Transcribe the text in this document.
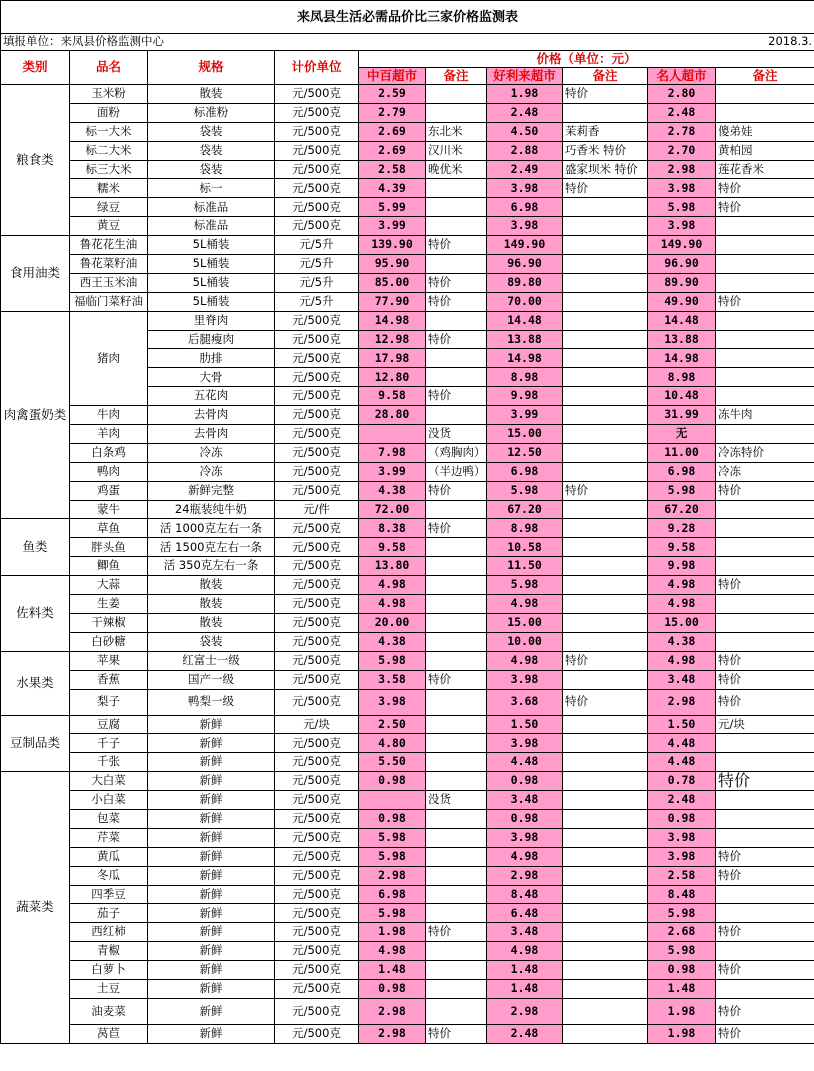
来凤县生活必需品价比三家价格监测表									
填报单位：来凤县价格监测中心					2018.3.				
类别	品名	规格	计价单位	价格（单位：元）					
				中百超市	备注	好利来超市	备注	名人超市	备注
粮食类	玉米粉	散装	元/500克	2.59		1.98	特价	2.80	
	面粉	标准粉	元/500克	2.79		2.48		2.48	
	标一大米	袋装	元/500克	2.69	东北米	4.50	茉莉香	2.78	傻弟娃
	标二大米	袋装	元/500克	2.69	汉川米	2.88	巧香米 特价	2.70	黄柏园
	标三大米	袋装	元/500克	2.58	晚优米	2.49	盛家坝米 特价	2.98	莲花香米
	糯米	标一	元/500克	4.39		3.98	特价	3.98	特价
	绿豆	标准品	元/500克	5.99		6.98		5.98	特价
	黄豆	标准品	元/500克	3.99		3.98		3.98	
食用油类	鲁花花生油	5L桶装	元/5升	139.90	特价	149.90		149.90	
	鲁花菜籽油	5L桶装	元/5升	95.90		96.90		96.90	
	西王玉米油	5L桶装	元/5升	85.00	特价	89.80		89.90	
	福临门菜籽油	5L桶装	元/5升	77.90	特价	70.00		49.90	特价
肉禽蛋奶类	猪肉	里脊肉	元/500克	14.98		14.48		14.48	
		后腿瘦肉	元/500克	12.98	特价	13.88		13.88	
		肋排	元/500克	17.98		14.98		14.98	
		大骨	元/500克	12.80		8.98		8.98	
		五花肉	元/500克	9.58	特价	9.98		10.48	
	牛肉	去骨肉	元/500克	28.80		3.99		31.99	冻牛肉
	羊肉	去骨肉	元/500克		没货	15.00		无	
	白条鸡	冷冻	元/500克	7.98	（鸡胸肉）	12.50		11.00	冷冻特价
	鸭肉	冷冻	元/500克	3.99	（半边鸭）	6.98		6.98	冷冻
	鸡蛋	新鲜完整	元/500克	4.38	特价	5.98	特价	5.98	特价
	蒙牛	24瓶装纯牛奶	元/件	72.00		67.20		67.20	
鱼类	草鱼	活 1000克左右一条	元/500克	8.38	特价	8.98		9.28	
	胖头鱼	活 1500克左右一条	元/500克	9.58		10.58		9.58	
	鲫鱼	活 350克左右一条	元/500克	13.80		11.50		9.98	
佐料类	大蒜	散装	元/500克	4.98		5.98		4.98	特价
	生姜	散装	元/500克	4.98		4.98		4.98	
	干辣椒	散装	元/500克	20.00		15.00		15.00	
	白砂糖	袋装	元/500克	4.38		10.00		4.38	
水果类	苹果	红富士一级	元/500克	5.98		4.98	特价	4.98	特价
	香蕉	国产一级	元/500克	3.58	特价	3.98		3.48	特价
	梨子	鸭梨一级	元/500克	3.98		3.68	特价	2.98	特价
豆制品类	豆腐	新鲜	元/块	2.50		1.50		1.50	元/块
	千子	新鲜	元/500克	4.80		3.98		4.48	
	千张	新鲜	元/500克	5.50		4.48		4.48	
蔬菜类	大白菜	新鲜	元/500克	0.98		0.98		0.78	特价
	小白菜	新鲜	元/500克		没货	3.48		2.48	
	包菜	新鲜	元/500克	0.98		0.98		0.98	
	芹菜	新鲜	元/500克	5.98		3.98		3.98	
	黄瓜	新鲜	元/500克	5.98		4.98		3.98	特价
	冬瓜	新鲜	元/500克	2.98		2.98		2.58	特价
	四季豆	新鲜	元/500克	6.98		8.48		8.48	
	茄子	新鲜	元/500克	5.98		6.48		5.98	
	西红柿	新鲜	元/500克	1.98	特价	3.48		2.68	特价
	青椒	新鲜	元/500克	4.98		4.98		5.98	
	白萝卜	新鲜	元/500克	1.48		1.48		0.98	特价
	土豆	新鲜	元/500克	0.98		1.48		1.48	
	油麦菜	新鲜	元/500克	2.98		2.98		1.98	特价
	莴苣	新鲜	元/500克	2.98	特价	2.48		1.98	特价
